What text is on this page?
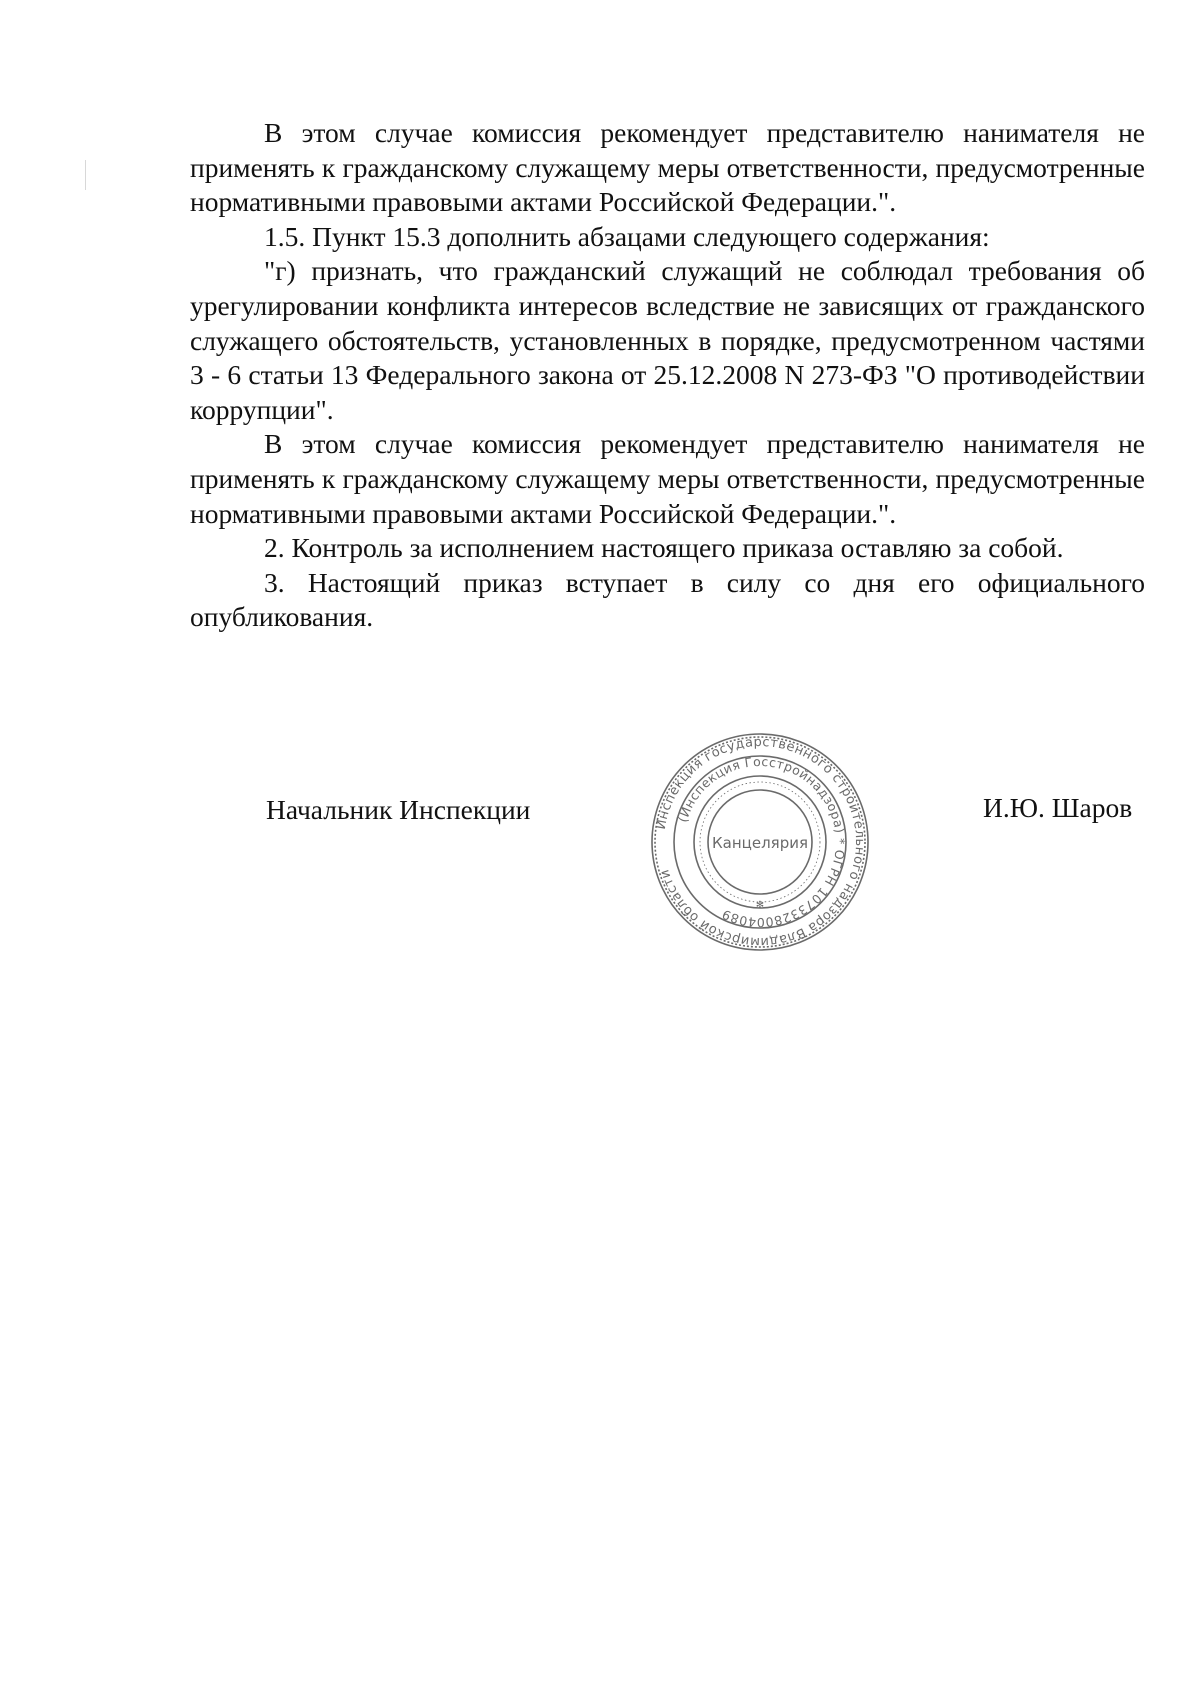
В этом случае комиссия рекомендует представителю нанимателя не применять к гражданскому служащему меры ответственности, предусмотренные нормативными правовыми актами Российской Федерации.".

1.5. Пункт 15.3 дополнить абзацами следующего содержания:

"г) признать, что гражданский служащий не соблюдал требования об урегулировании конфликта интересов вследствие не зависящих от гражданского служащего обстоятельств, установленных в порядке, предусмотренном частями 3 - 6 статьи 13 Федерального закона от 25.12.2008 N 273-ФЗ "О противодействии коррупции".

В этом случае комиссия рекомендует представителю нанимателя не применять к гражданскому служащему меры ответственности, предусмотренные нормативными правовыми актами Российской Федерации.".

2. Контроль за исполнением настоящего приказа оставляю за собой.

3. Настоящий приказ вступает в силу со дня его официального опубликования.

Начальник Инспекции	Инспекция государственного строительного надзора Владимирской области
(Инспекция Госстройнадзора) * ОГРН 1073328004089
Канцелярия
✻
И.Ю. Шаров
